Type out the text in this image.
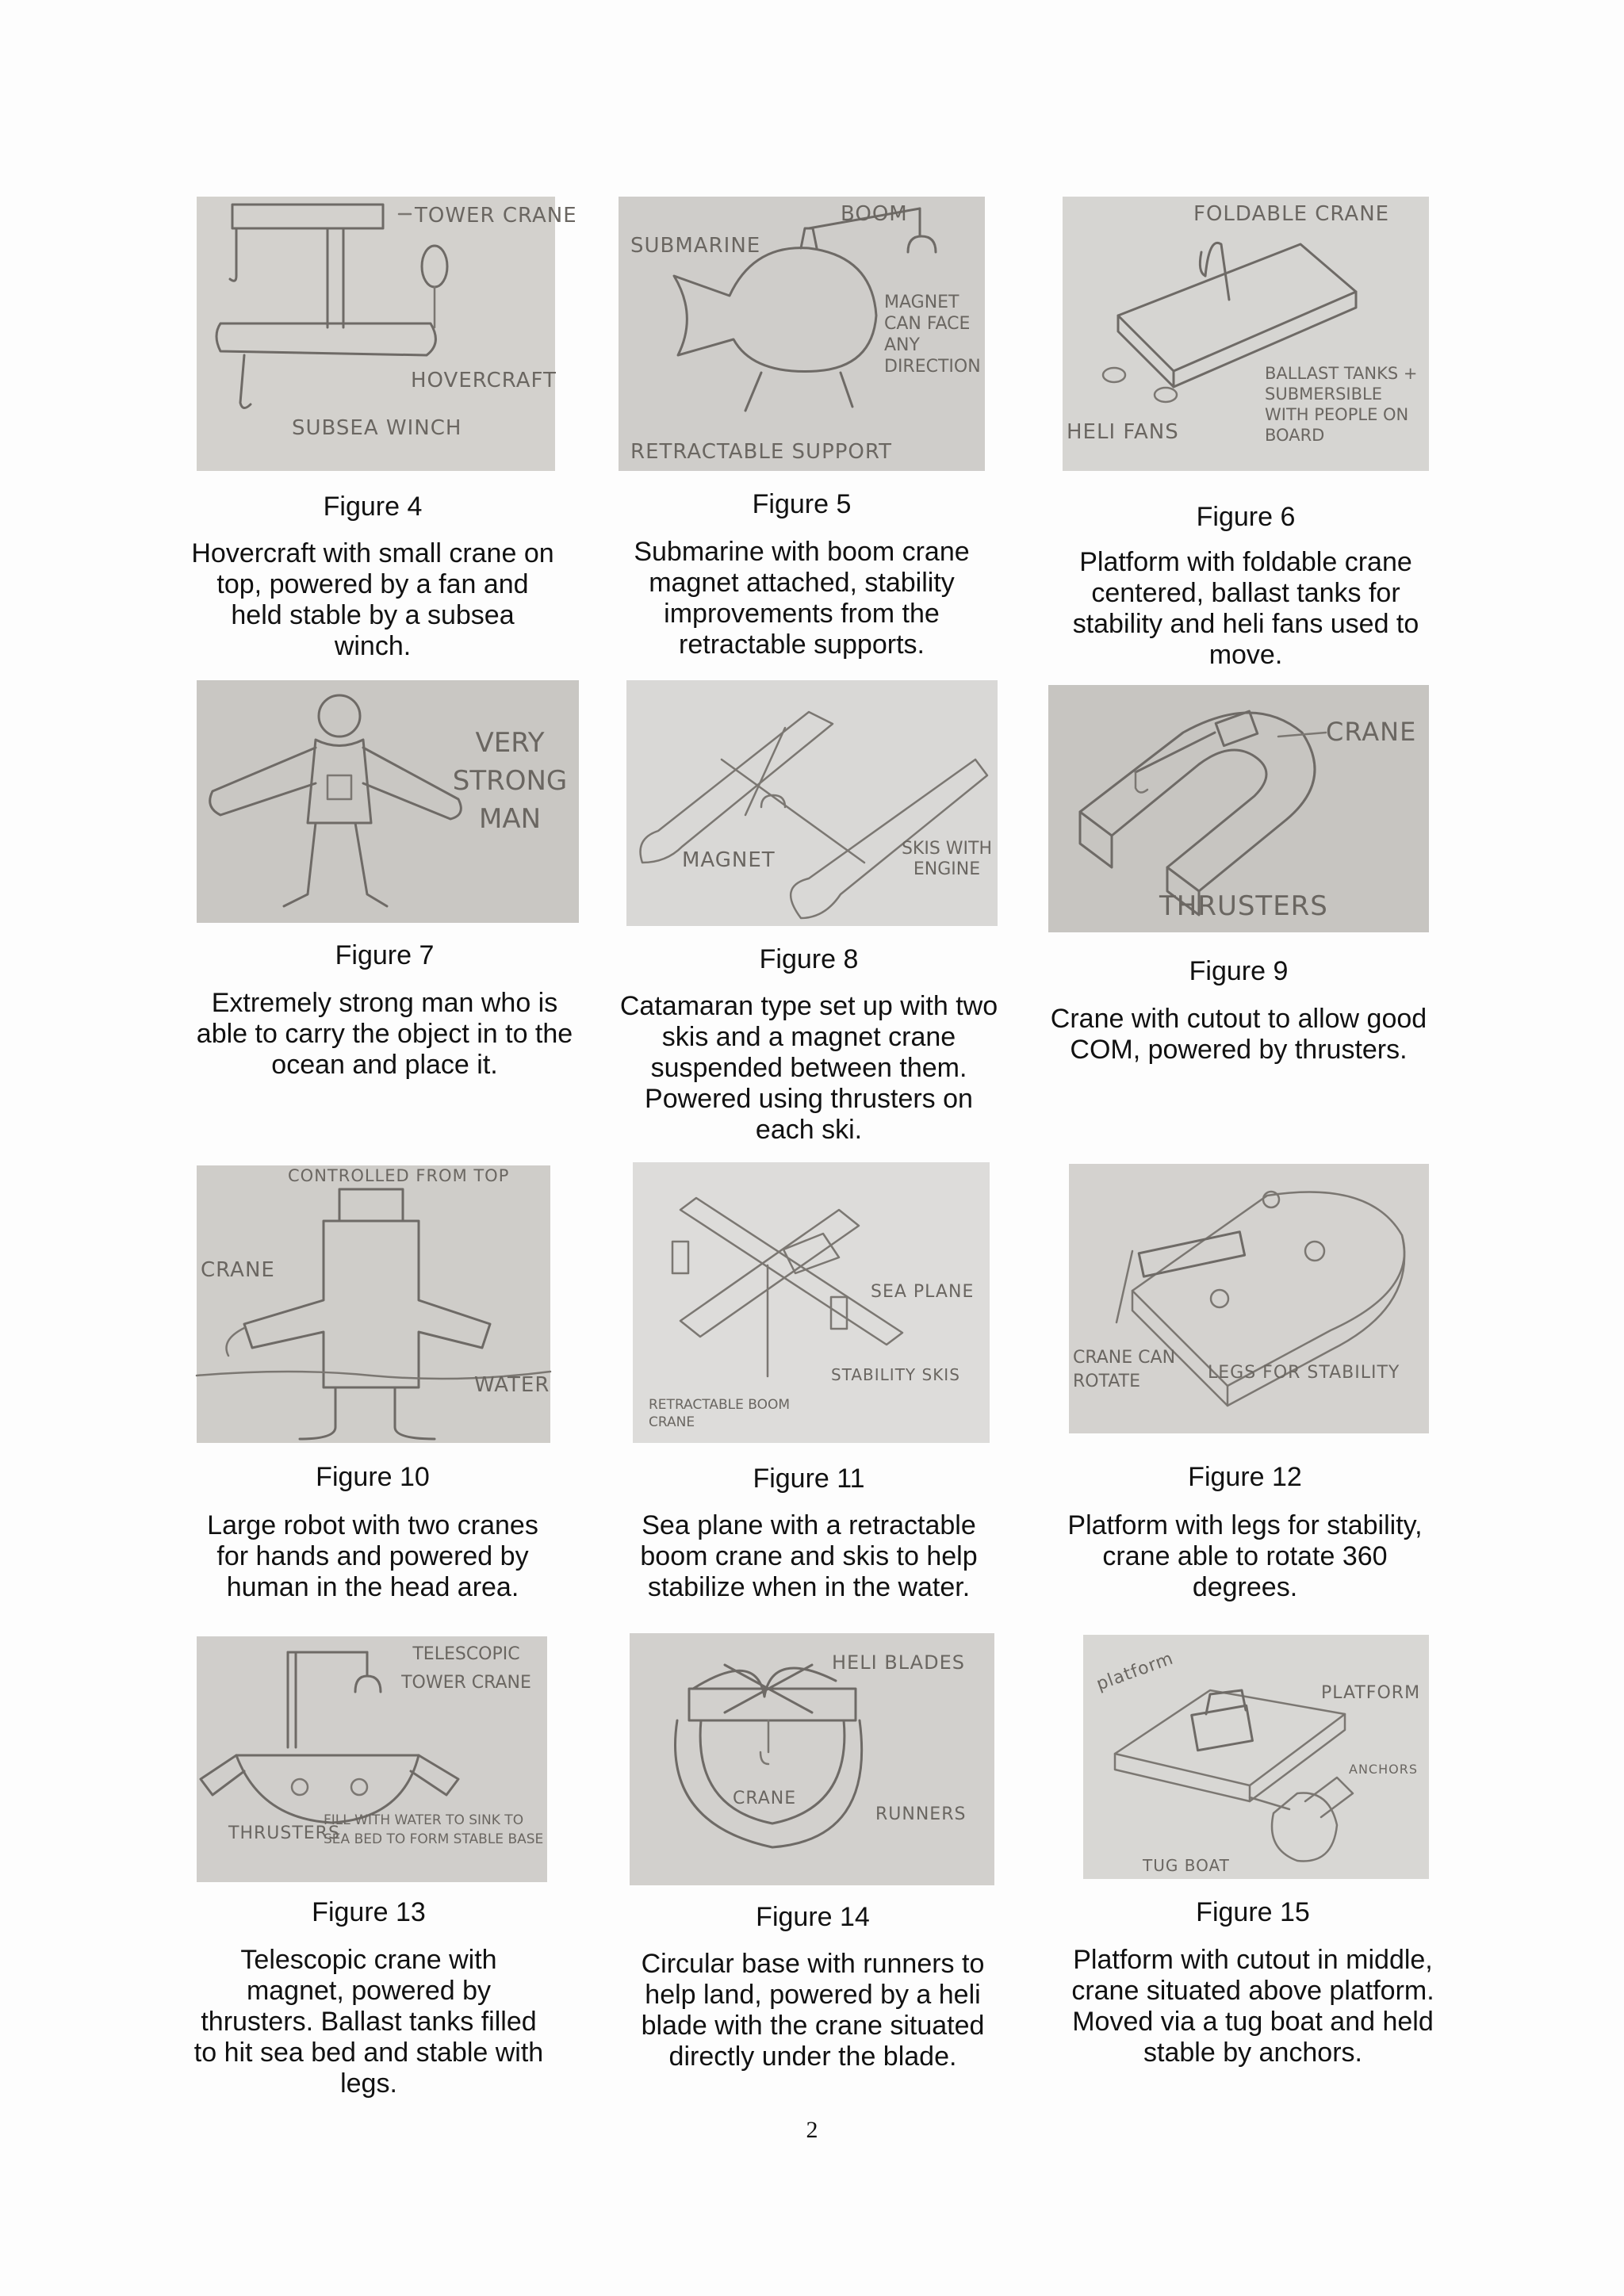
TOWER CRANE
HOVERCRAFT
SUBSEA WINCH
Figure 4
Hovercraft with small crane on top, powered by a fan and held stable by a subsea winch.
SUBMARINE
BOOM
MAGNET CAN FACE ANY DIRECTION
RETRACTABLE SUPPORT
Figure 5
Submarine with boom crane magnet attached, stability improvements from the retractable supports.
FOLDABLE CRANE
BALLAST TANKS + SUBMERSIBLE WITH PEOPLE ON BOARD
HELI FANS
Figure 6
Platform with foldable crane centered, ballast tanks for stability and heli fans used to move.
VERY STRONG MAN
Figure 7
Extremely strong man who is able to carry the object in to the ocean and place it.
MAGNET	SKIS WITH ENGINE
Figure 8
Catamaran type set up with two skis and a magnet crane suspended between them. Powered using thrusters on each ski.
CRANE
THRUSTERS
Figure 9
Crane with cutout to allow good COM, powered by thrusters.
CONTROLLED FROM TOP
CRANE
WATER
Figure 10
Large robot with two cranes for hands and powered by human in the head area.
SEA PLANE
STABILITY SKIS
RETRACTABLE BOOM CRANE
Figure 11
Sea plane with a retractable boom crane and skis to help stabilize when in the water.
CRANE CAN ROTATE	LEGS FOR STABILITY
Figure 12
Platform with legs for stability, crane able to rotate 360 degrees.
TELESCOPIC TOWER CRANE
THRUSTERS
FILL WITH WATER TO SINK TO SEA BED TO FORM STABLE BASE
Figure 13
Telescopic crane with magnet, powered by thrusters. Ballast tanks filled to hit sea bed and stable with legs.
HELI BLADES
CRANE
RUNNERS
Figure 14
Circular base with runners to help land, powered by a heli blade with the crane situated directly under the blade.
platform	PLATFORM
ANCHORS
TUG BOAT
Figure 15
Platform with cutout in middle, crane situated above platform. Moved via a tug boat and held stable by anchors.
2
